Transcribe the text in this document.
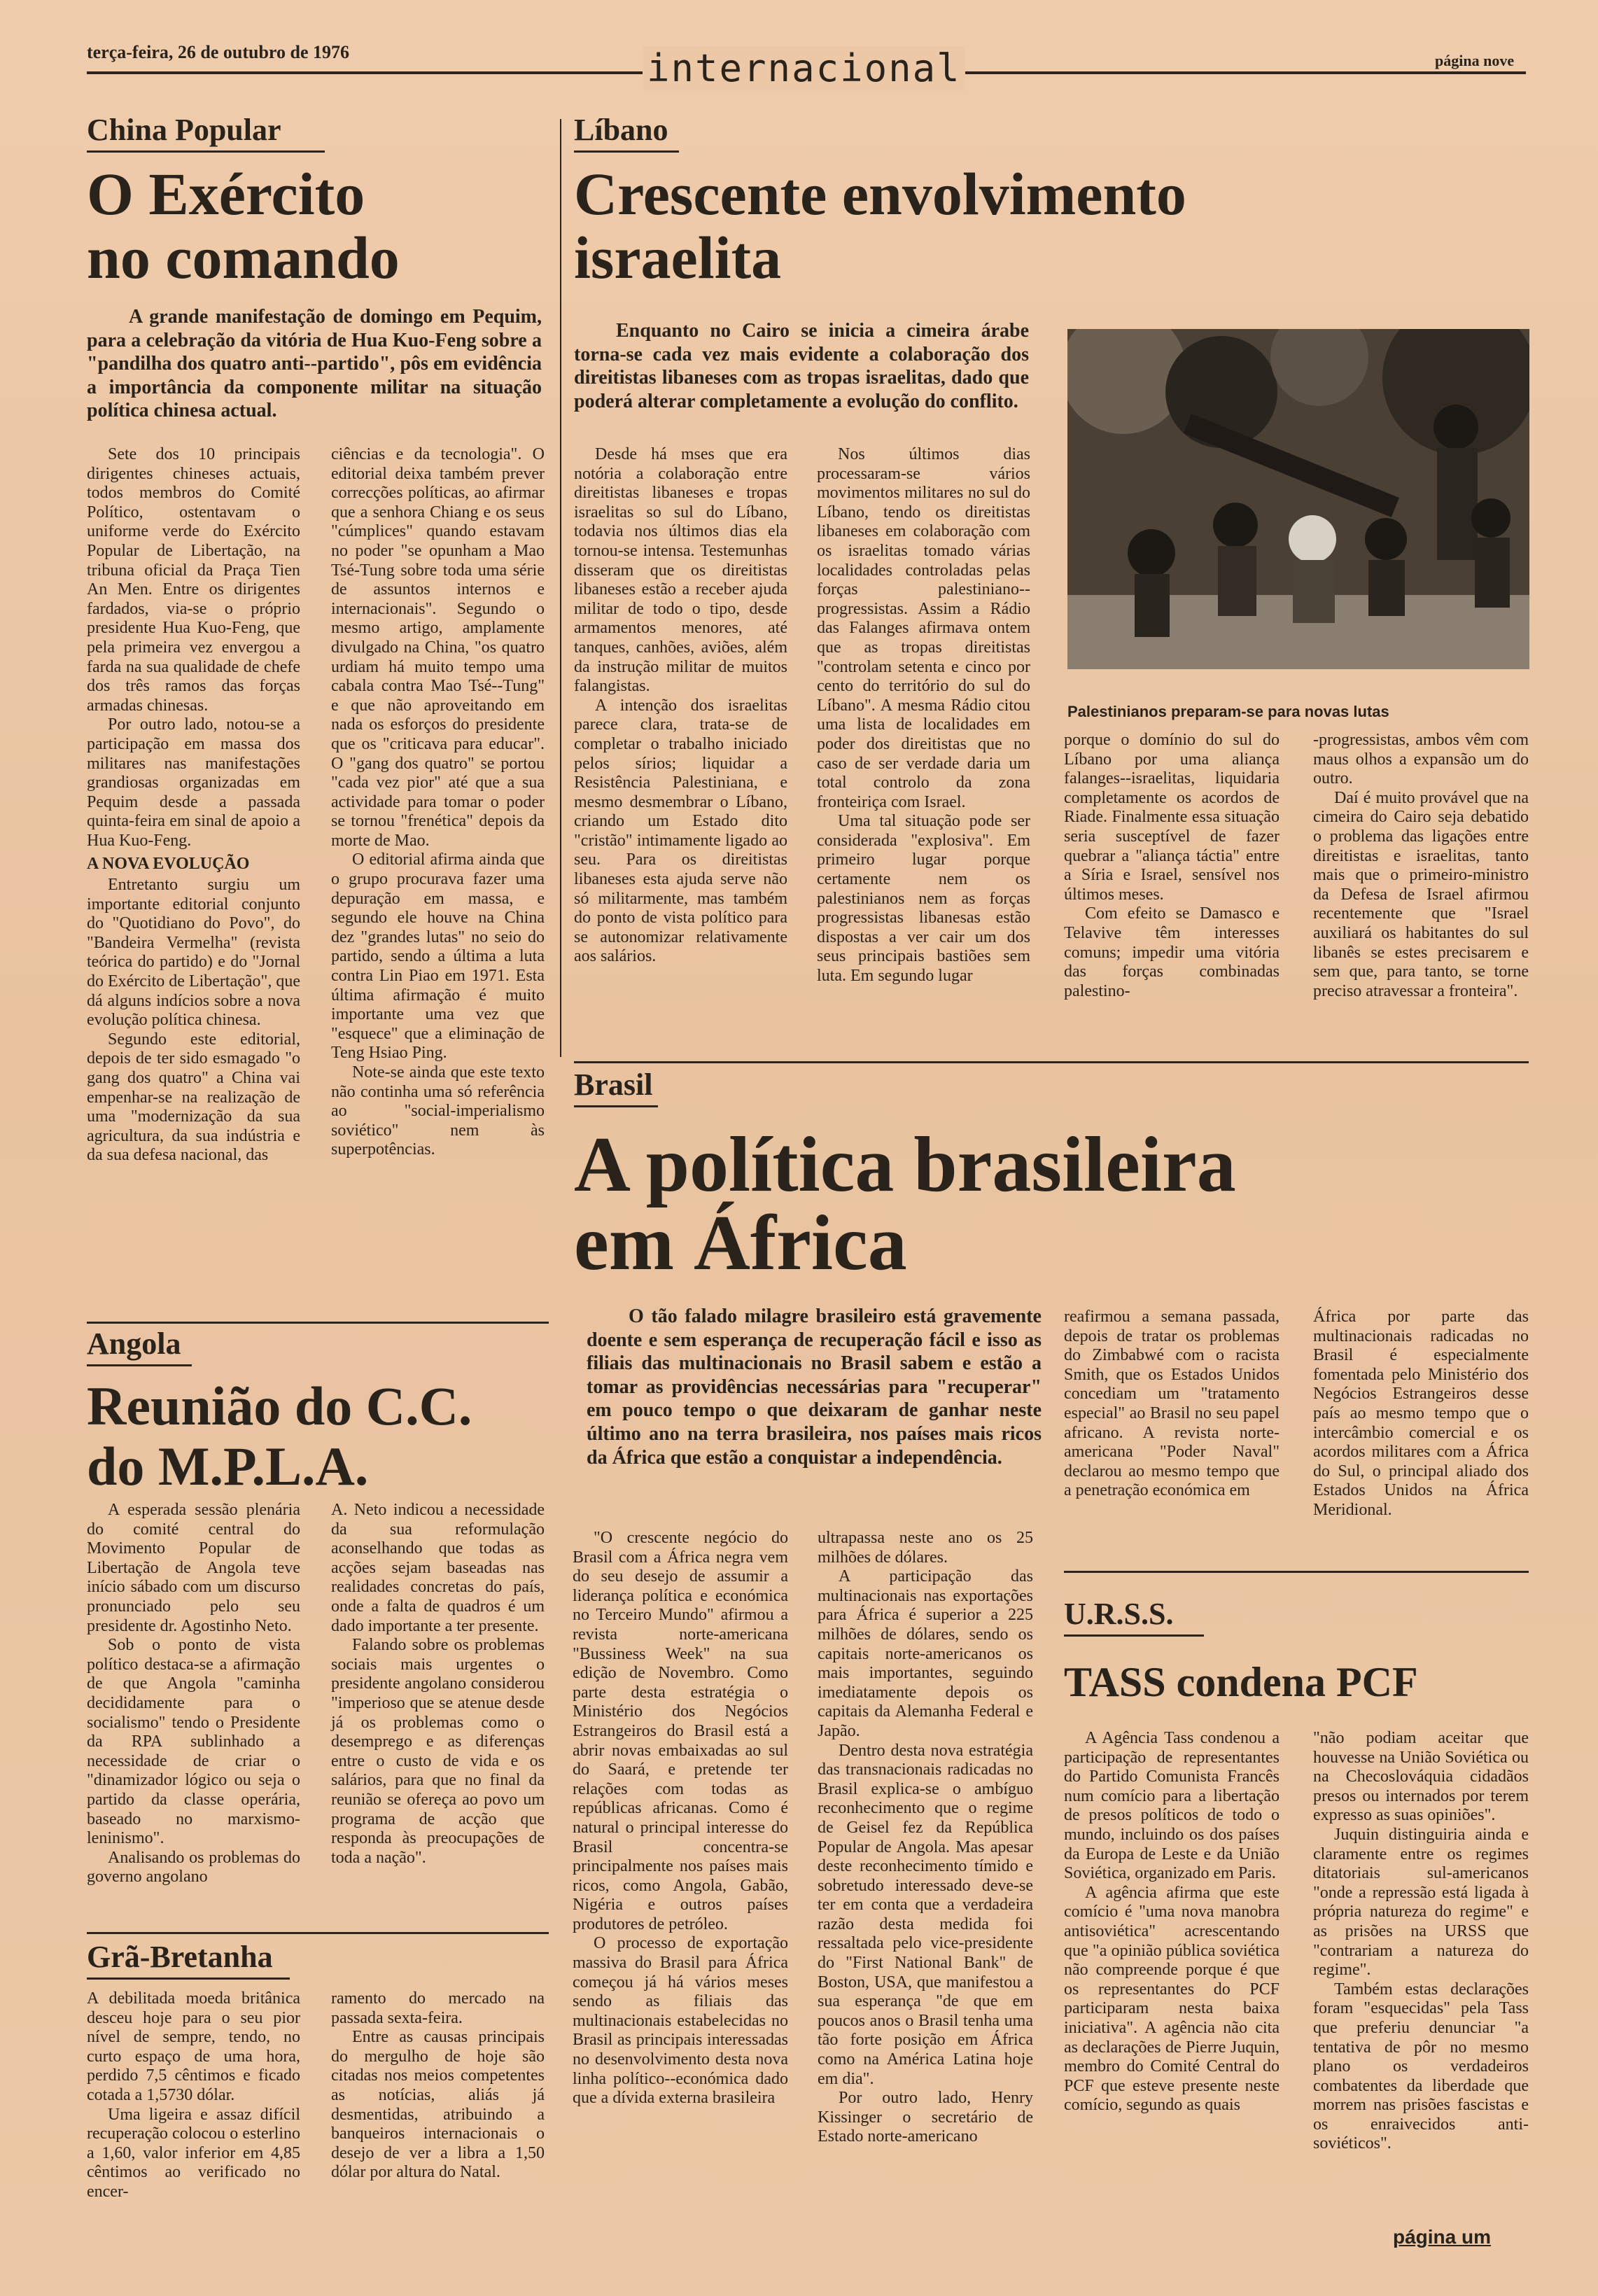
terça-feira, 26 de outubro de 1976	internacional	página nove
China Popular
O Exército
no comando
A grande manifestação de domingo em Pequim, para a celebração da vitória de Hua Kuo-Feng sobre a "pandilha dos quatro anti--partido", pôs em evidência a importância da componente militar na situação política chinesa actual.

Sete dos 10 principais dirigentes chineses actuais, todos membros do Comité Político, ostentavam o uniforme verde do Exército Popular de Libertação, na tribuna oficial da Praça Tien An Men. Entre os dirigentes fardados, via-se o próprio presidente Hua Kuo-Feng, que pela primeira vez envergou a farda na sua qualidade de chefe dos três ramos das forças armadas chinesas.

Por outro lado, notou-se a participação em massa dos militares nas manifestações grandiosas organizadas em Pequim desde a passada quinta-feira em sinal de apoio a Hua Kuo-Feng.

A NOVA EVOLUÇÃO

Entretanto surgiu um importante editorial conjunto do "Quotidiano do Povo", do "Bandeira Vermelha" (revista teórica do partido) e do "Jornal do Exército de Libertação", que dá alguns indícios sobre a nova evolução política chinesa.

Segundo este editorial, depois de ter sido esmagado "o gang dos quatro" a China vai empenhar-se na realização de uma "modernização da sua agricultura, da sua indústria e da sua defesa nacional, das

ciências e da tecnologia". O editorial deixa também prever correcções políticas, ao afirmar que a senhora Chiang e os seus "cúmplices" quando estavam no poder "se opunham a Mao Tsé-Tung sobre toda uma série de assuntos internos e internacionais". Segundo o mesmo artigo, amplamente divulgado na China, "os quatro urdiam há muito tempo uma cabala contra Mao Tsé--Tung" e que não aproveitando em nada os esforços do presidente que os "criticava para educar". O "gang dos quatro" se portou "cada vez pior" até que a sua actividade para tomar o poder se tornou "frenética" depois da morte de Mao.

O editorial afirma ainda que o grupo procurava fazer uma depuração em massa, e segundo ele houve na China dez "grandes lutas" no seio do partido, sendo a última a luta contra Lin Piao em 1971. Esta última afirmação é muito importante uma vez que "esquece" que a eliminação de Teng Hsiao Ping.

Note-se ainda que este texto não continha uma só referência ao "social-imperialismo soviético" nem às superpotências.

Líbano
Crescente envolvimento
israelita
Enquanto no Cairo se inicia a cimeira árabe torna-se cada vez mais evidente a colaboração dos direitistas libaneses com as tropas israelitas, dado que poderá alterar completamente a evolução do conflito.
Palestinianos preparam-se para novas lutas

Desde há mses que era notória a colaboração entre direitistas libaneses e tropas israelitas so sul do Líbano, todavia nos últimos dias ela tornou-se intensa. Testemunhas disseram que os direitistas libaneses estão a receber ajuda militar de todo o tipo, desde armamentos menores, até tanques, canhões, aviões, além da instrução militar de muitos falangistas.

A intenção dos israelitas parece clara, trata-se de completar o trabalho iniciado pelos sírios; liquidar a Resistência Palestiniana, e mesmo desmembrar o Líbano, criando um Estado dito "cristão" intimamente ligado ao seu. Para os direitistas libaneses esta ajuda serve não só militarmente, mas também do ponto de vista político para se autonomizar relativamente aos salários.

Nos últimos dias processaram-se vários movimentos militares no sul do Líbano, tendo os direitistas libaneses em colaboração com os israelitas tomado várias localidades controladas pelas forças palestiniano--progressistas. Assim a Rádio das Falanges afirmava ontem que as tropas direitistas "controlam setenta e cinco por cento do território do sul do Líbano". A mesma Rádio citou uma lista de localidades em poder dos direitistas que no caso de ser verdade daria um total controlo da zona fronteiriça com Israel.

Uma tal situação pode ser considerada "explosiva". Em primeiro lugar porque certamente nem os palestinianos nem as forças progressistas libanesas estão dispostas a ver cair um dos seus principais bastiões sem luta. Em segundo lugar

porque o domínio do sul do Líbano por uma aliança falanges--israelitas, liquidaria completamente os acordos de Riade. Finalmente essa situação seria susceptível de fazer quebrar a "aliança táctia" entre a Síria e Israel, sensível nos últimos meses.

Com efeito se Damasco e Telavive têm interesses comuns; impedir uma vitória das forças combinadas palestino-

-progressistas, ambos vêm com maus olhos a expansão um do outro.

Daí é muito provável que na cimeira do Cairo seja debatido o problema das ligações entre direitistas e israelitas, tanto mais que o primeiro-ministro da Defesa de Israel afirmou recentemente que "Israel auxiliará os habitantes do sul libanês se estes precisarem e sem que, para tanto, se torne preciso atravessar a fronteira".

Brasil
A política brasileira
em África
O tão falado milagre brasileiro está gravemente doente e sem esperança de recuperação fácil e isso as filiais das multinacionais no Brasil sabem e estão a tomar as providências necessárias para "recuperar" em pouco tempo o que deixaram de ganhar neste último ano na terra brasileira, nos países mais ricos da África que estão a conquistar a independência.

reafirmou a semana passada, depois de tratar os problemas do Zimbabwé com o racista Smith, que os Estados Unidos concediam um "tratamento especial" ao Brasil no seu papel africano. A revista norte-americana "Poder Naval" declarou ao mesmo tempo que a penetração económica em

África por parte das multinacionais radicadas no Brasil é especialmente fomentada pelo Ministério dos Negócios Estrangeiros desse país ao mesmo tempo que o intercâmbio comercial e os acordos militares com a África do Sul, o principal aliado dos Estados Unidos na África Meridional.

"O crescente negócio do Brasil com a África negra vem do seu desejo de assumir a liderança política e económica no Terceiro Mundo" afirmou a revista norte-americana "Bussiness Week" na sua edição de Novembro. Como parte desta estratégia o Ministério dos Negócios Estrangeiros do Brasil está a abrir novas embaixadas ao sul do Saará, e pretende ter relações com todas as repúblicas africanas. Como é natural o principal interesse do Brasil concentra-se principalmente nos países mais ricos, como Angola, Gabão, Nigéria e outros países produtores de petróleo.

O processo de exportação massiva do Brasil para África começou já há vários meses sendo as filiais das multinacionais estabelecidas no Brasil as principais interessadas no desenvolvimento desta nova linha político--económica dado que a dívida externa brasileira

ultrapassa neste ano os 25 milhões de dólares.

A participação das multinacionais nas exportações para África é superior a 225 milhões de dólares, sendo os capitais norte-americanos os mais importantes, seguindo imediatamente depois os capitais da Alemanha Federal e Japão.

Dentro desta nova estratégia das transnacionais radicadas no Brasil explica-se o ambíguo reconhecimento que o regime de Geisel fez da República Popular de Angola. Mas apesar deste reconhecimento tímido e sobretudo interessado deve-se ter em conta que a verdadeira razão desta medida foi ressaltada pelo vice-presidente do "First National Bank" de Boston, USA, que manifestou a sua esperança "de que em poucos anos o Brasil tenha uma tão forte posição em África como na América Latina hoje em dia".

Por outro lado, Henry Kissinger o secretário de Estado norte-americano

Angola
Reunião do C.C.
do M.P.L.A.

A esperada sessão plenária do comité central do Movimento Popular de Libertação de Angola teve início sábado com um discurso pronunciado pelo seu presidente dr. Agostinho Neto.

Sob o ponto de vista político destaca-se a afirmação de que Angola "caminha decididamente para o socialismo" tendo o Presidente da RPA sublinhado a necessidade de criar o "dinamizador lógico ou seja o partido da classe operária, baseado no marxismo-leninismo".

Analisando os problemas do governo angolano

A. Neto indicou a necessidade da sua reformulação aconselhando que todas as acções sejam baseadas nas realidades concretas do país, onde a falta de quadros é um dado importante a ter presente.

Falando sobre os problemas sociais mais urgentes o presidente angolano considerou "imperioso que se atenue desde já os problemas como o desemprego e as diferenças entre o custo de vida e os salários, para que no final da reunião se ofereça ao povo um programa de acção que responda às preocupações de toda a nação".

Grã-Bretanha

A debilitada moeda britânica desceu hoje para o seu pior nível de sempre, tendo, no curto espaço de uma hora, perdido 7,5 cêntimos e ficado cotada a 1,5730 dólar.

Uma ligeira e assaz difícil recuperação colocou o esterlino a 1,60, valor inferior em 4,85 cêntimos ao verificado no encer-

ramento do mercado na passada sexta-feira.

Entre as causas principais do mergulho de hoje são citadas nos meios competentes as notícias, aliás já desmentidas, atribuindo a banqueiros internacionais o desejo de ver a libra a 1,50 dólar por altura do Natal.

U.R.S.S.
TASS condena PCF

A Agência Tass condenou a participação de representantes do Partido Comunista Francês num comício para a libertação de presos políticos de todo o mundo, incluindo os dos países da Europa de Leste e da União Soviética, organizado em Paris.

A agência afirma que este comício é "uma nova manobra antisoviética" acrescentando que "a opinião pública soviética não compreende porque é que os representantes do PCF participaram nesta baixa iniciativa". A agência não cita as declarações de Pierre Juquin, membro do Comité Central do PCF que esteve presente neste comício, segundo as quais

"não podiam aceitar que houvesse na União Soviética ou na Checoslováquia cidadãos presos ou internados por terem expresso as suas opiniões".

Juquin distinguiria ainda e claramente entre os regimes ditatoriais sul-americanos "onde a repressão está ligada à própria natureza do regime" e as prisões na URSS que "contrariam a natureza do regime".

Também estas declarações foram "esquecidas" pela Tass que preferiu denunciar "a tentativa de pôr no mesmo plano os verdadeiros combatentes da liberdade que morrem nas prisões fascistas e os enraivecidos anti-soviéticos".

página um
